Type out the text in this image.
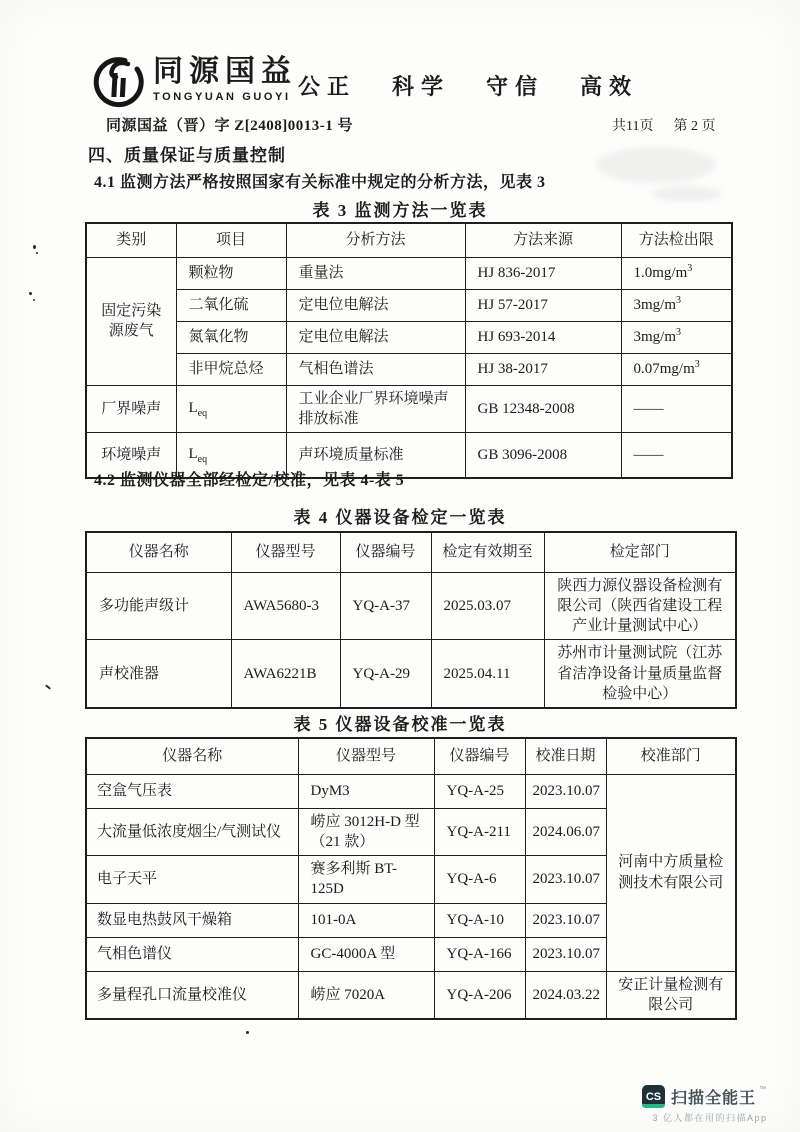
同源国益
TONGYUAN GUOYI 公正 科学 守信 高效
同源国益（晋）字 Z[2408]0013-1 号	共11页 第 2 页
四、质量保证与质量控制
4.1 监测方法严格按照国家有关标准中规定的分析方法，见表 3
表 3 监测方法一览表
类别	项目	分析方法	方法来源	方法检出限
固定污染源废气	颗粒物	重量法	HJ 836-2017	$1.0mg/m^3$
	二氧化硫	定电位电解法	HJ 57-2017	$3mg/m^3$
	氮氧化物	定电位电解法	HJ 693-2014	$3mg/m^3$
	非甲烷总烃	气相色谱法	HJ 38-2017	$0.07mg/m^3$
厂界噪声	$L_{eq}$	工业企业厂界环境噪声排放标准	GB 12348-2008	——
环境噪声	$L_{eq}$	声环境质量标准	GB 3096-2008	——
4.2 监测仪器全部经检定/校准，见表 4-表 5
表 4 仪器设备检定一览表
仪器名称	仪器型号	仪器编号	检定有效期至	检定部门
多功能声级计	AWA5680-3	YQ-A-37	2025.03.07	陕西力源仪器设备检测有限公司（陕西省建设工程产业计量测试中心）
声校准器	AWA6221B	YQ-A-29	2025.04.11	苏州市计量测试院（江苏省洁净设备计量质量监督检验中心）
表 5 仪器设备校准一览表
仪器名称	仪器型号	仪器编号	校准日期	校准部门
空盒气压表	DyM3	YQ-A-25	2023.10.07	河南中方质量检测技术有限公司
大流量低浓度烟尘/气测试仪	崂应 3012H-D 型（21 款）	YQ-A-211	2024.06.07	
电子天平	赛多利斯 BT-125D	YQ-A-6	2023.10.07	
数显电热鼓风干燥箱	101-0A	YQ-A-10	2023.10.07	
气相色谱仪	GC-4000A 型	YQ-A-166	2023.10.07	
多量程孔口流量校准仪	崂应 7020A	YQ-A-206	2024.03.22	安正计量检测有限公司
CS 扫描全能王
™
3 亿人都在用的扫描App
